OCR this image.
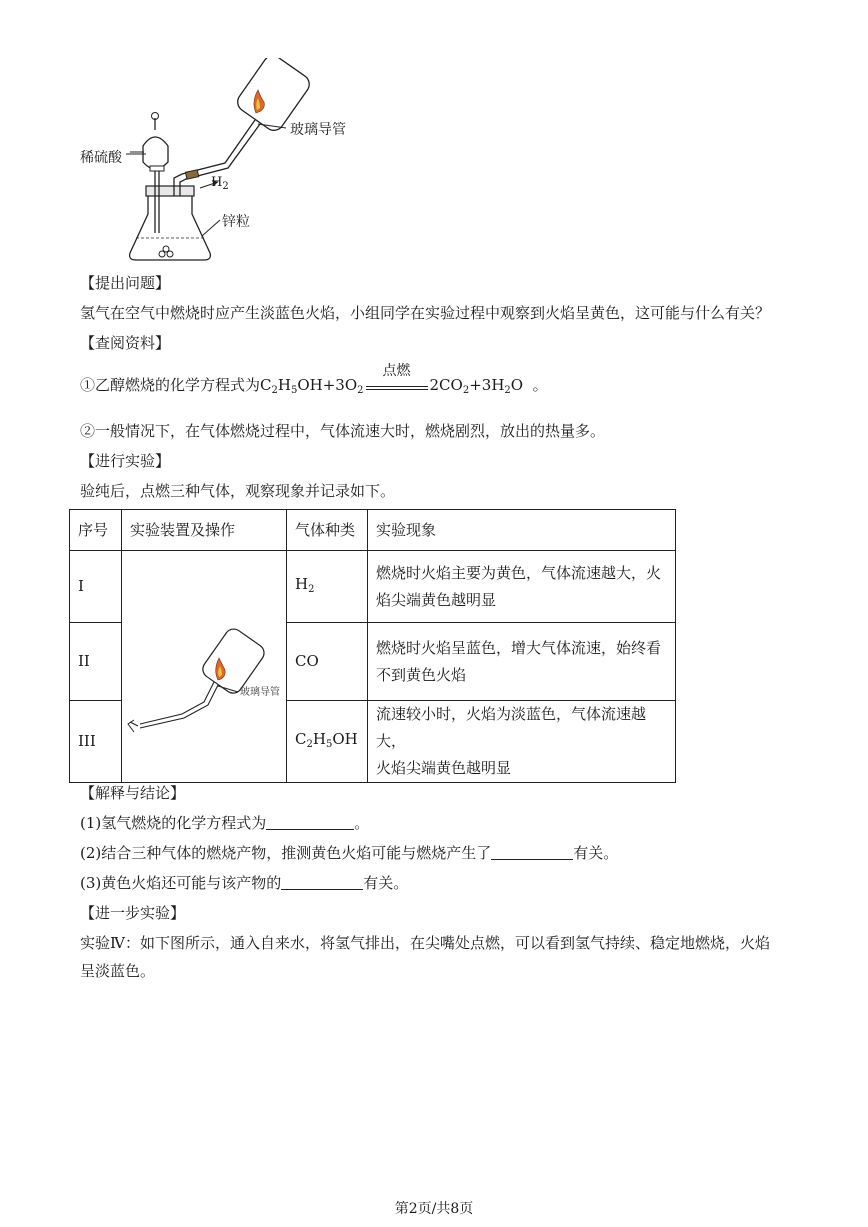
稀硫酸
玻璃导管
锌粒
$H_2$
【提出问题】
氢气在空气中燃烧时应产生淡蓝色火焰，小组同学在实验过程中观察到火焰呈黄色，这可能与什么有关？
【查阅资料】
①乙醇燃烧的化学方程式为$C_2H_5OH+3O_2$
点燃
$2CO_2+3H_2O$ 。
②一般情况下，在气体燃烧过程中，气体流速大时，燃烧剧烈，放出的热量多。
【进行实验】
验纯后，点燃三种气体，观察现象并记录如下。
序号	实验装置及操作	气体种类	实验现象
I	玻璃导管	$H_2$	燃烧时火焰主要为黄色，气体流速越大，火
焰尖端黄色越明显

II		CO	燃烧时火焰呈蓝色，增大气体流速，始终看
不到黄色火焰

III		$C_2H_5OH$	流速较小时，火焰为淡蓝色，气体流速越大，
火焰尖端黄色越明显
【解释与结论】
(1)氢气燃烧的化学方程式为	。
(2)结合三种气体的燃烧产物，推测黄色火焰可能与燃烧产生了	有关。
(3)黄色火焰还可能与该产物的	有关。
【进一步实验】
实验Ⅳ：如下图所示，通入自来水，将氢气排出，在尖嘴处点燃，可以看到氢气持续、稳定地燃烧，火焰
呈淡蓝色。
第2页/共8页
